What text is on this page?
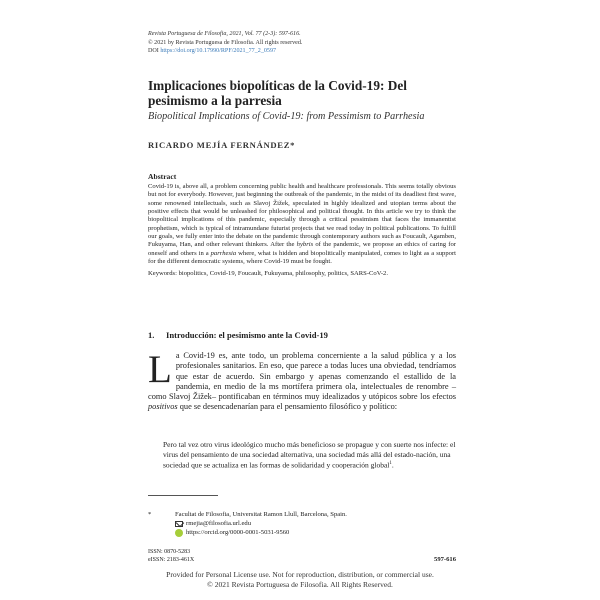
Revista Portuguesa de Filosofia, 2021, Vol. 77 (2-3): 597-616.
© 2021 by Revista Portuguesa de Filosofia. All rights reserved.
DOI https://doi.org/10.17990/RPF/2021_77_2_0597
Implicaciones biopolíticas de la Covid-19: Del pesimismo a la parresia
Biopolitical Implications of Covid-19: from Pessimism to Parrhesia
RICARDO MEJÍA FERNÁNDEZ*
Abstract
Covid-19 is, above all, a problem concerning public health and healthcare professionals. This seems totally obvious but not for everybody. However, just beginning the outbreak of the pandemic, in the midst of its deadliest first wave, some renowned intellectuals, such as Slavoj Žižek, speculated in highly idealized and utopian terms about the positive effects that would be unleashed for philosophical and political thought. In this article we try to think the biopolitical implications of this pandemic, especially through a critical pessimism that faces the immanentist prophetism, which is typical of intramundane futurist projects that we read today in political publications. To fulfill our goals, we fully enter into the debate on the pandemic through contemporary authors such as Foucault, Agamben, Fukuyama, Han, and other relevant thinkers. After the hybris of the pandemic, we propose an ethics of caring for oneself and others in a parrhesia where, what is hidden and biopolitically manipulated, comes to light as a support for the different democratic systems, where Covid-19 must be fought.
Keywords: biopolitics, Covid-19, Foucault, Fukuyama, philosophy, politics, SARS-CoV-2.
1. Introducción: el pesimismo ante la Covid-19
La Covid-19 es, ante todo, un problema concerniente a la salud pública y a los profesionales sanitarios. En eso, que parece a todas luces una obviedad, tendríamos que estar de acuerdo. Sin embargo y apenas comenzando el estallido de la pandemia, en medio de la ms mortífera primera ola, intelectuales de renombre –como Slavoj Žižek– pontificaban en términos muy idealizados y utópicos sobre los efectos positivos que se desencadenarían para el pensamiento filosófico y político:
Pero tal vez otro virus ideológico mucho más beneficioso se propague y con suerte nos infecte: el virus del pensamiento de una sociedad alternativa, una sociedad más allá del estado-nación, una sociedad que se actualiza en las formas de solidaridad y cooperación global$^1$.
*	Facultat de Filosofia, Universitat Ramon Llull, Barcelona, Spain.
rmejia@filosofia.url.edu
https://orcid.org/0000-0001-5031-9560
ISSN: 0870-5283
eISSN: 2183-461X	597-616
Provided for Personal License use. Not for reproduction, distribution, or commercial use.
© 2021 Revista Portuguesa de Filosofia. All Rights Reserved.
